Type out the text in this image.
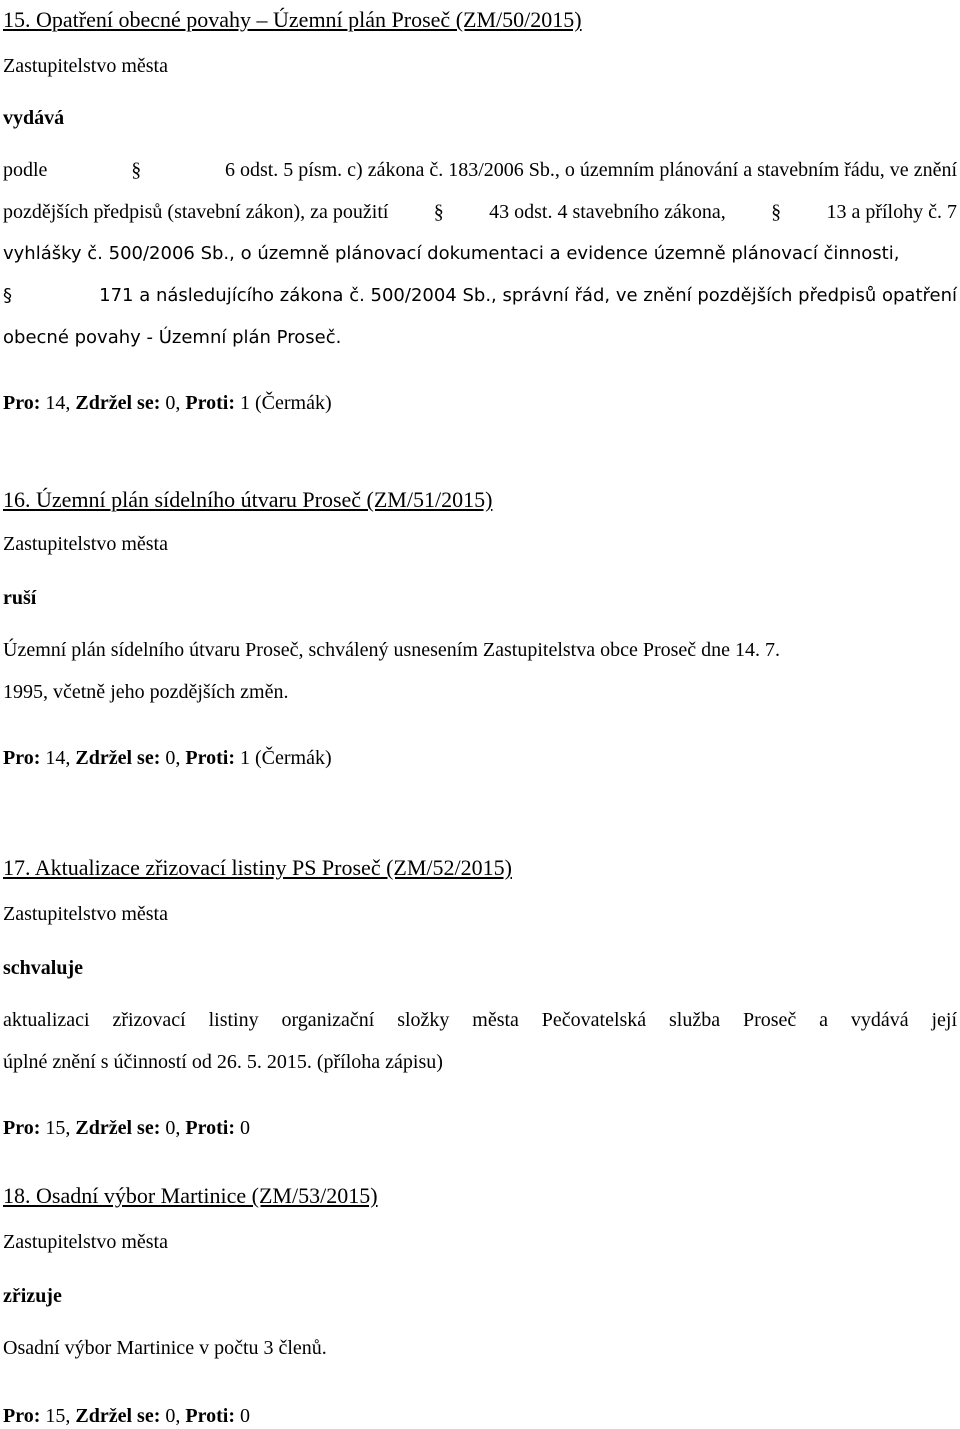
15. Opatření obecné povahy – Územní plán Proseč (ZM/50/2015)
Zastupitelstvo města
vydává
podle	§	6 odst. 5 písm. c) zákona č. 183/2006 Sb., o územním plánování a stavebním řádu, ve znění
pozdějších předpisů (stavební zákon), za použití § 43 odst. 4 stavebního zákona, § 13 a přílohy č. 7
vyhlášky č. 500/2006 Sb., o územně plánovací dokumentaci a evidence územně plánovací činnosti,
§	171 a následujícího zákona č. 500/2004 Sb., správní řád, ve znění pozdějších předpisů opatření
obecné povahy - Územní plán Proseč.
Pro: 14, Zdržel se: 0, Proti: 1 (Čermák)
16. Územní plán sídelního útvaru Proseč (ZM/51/2015)
Zastupitelstvo města
ruší
Územní plán sídelního útvaru Proseč, schválený usnesením Zastupitelstva obce Proseč dne 14. 7.
1995, včetně jeho pozdějších změn.
Pro: 14, Zdržel se: 0, Proti: 1 (Čermák)
17. Aktualizace zřizovací listiny PS Proseč (ZM/52/2015)
Zastupitelstvo města
schvaluje
aktualizaci zřizovací listiny organizační složky města Pečovatelská služba Proseč a vydává její
úplné znění s účinností od 26. 5. 2015. (příloha zápisu)
Pro: 15, Zdržel se: 0, Proti: 0
18. Osadní výbor Martinice (ZM/53/2015)
Zastupitelstvo města
zřizuje
Osadní výbor Martinice v počtu 3 členů.
Pro: 15, Zdržel se: 0, Proti: 0
